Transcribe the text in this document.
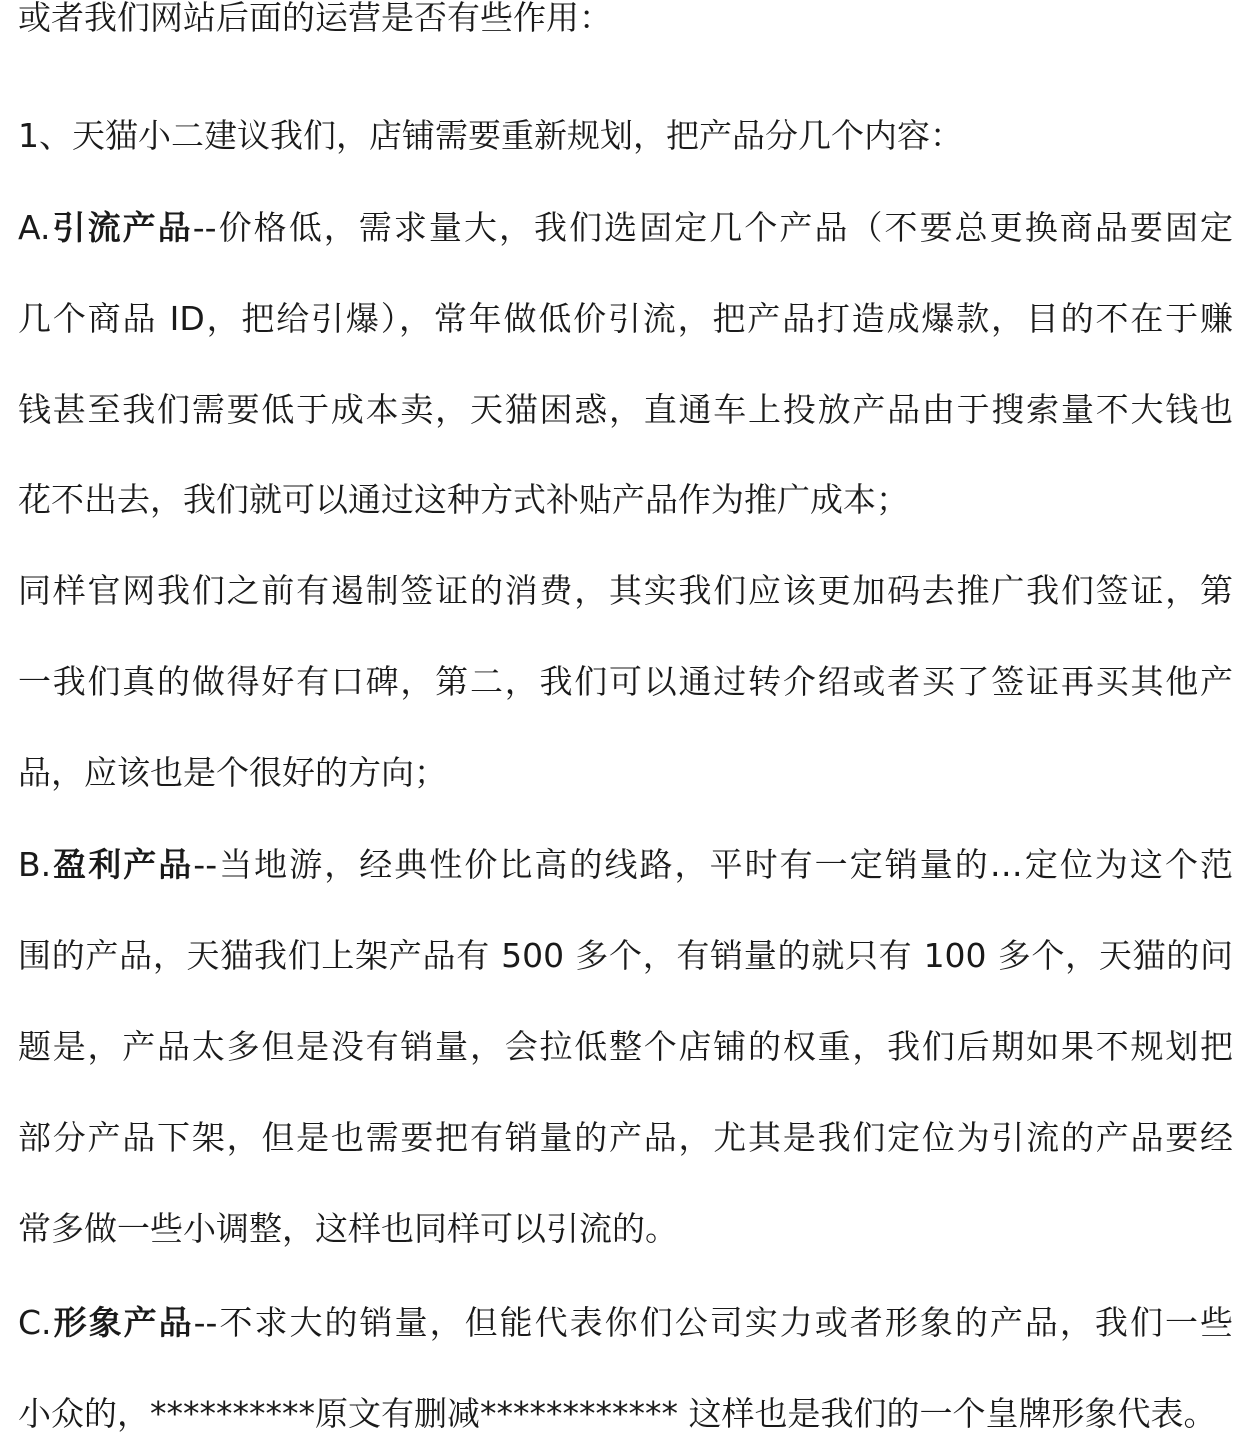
或者我们网站后面的运营是否有些作用：
1、天猫小二建议我们，店铺需要重新规划，把产品分几个内容：
A.引流产品--价格低，需求量大，我们选固定几个产品（不要总更换商品要固定
几个商品 ID，把给引爆），常年做低价引流，把产品打造成爆款，目的不在于赚
钱甚至我们需要低于成本卖，天猫困惑，直通车上投放产品由于搜索量不大钱也
花不出去，我们就可以通过这种方式补贴产品作为推广成本；
同样官网我们之前有遏制签证的消费，其实我们应该更加码去推广我们签证，第
一我们真的做得好有口碑，第二，我们可以通过转介绍或者买了签证再买其他产
品，应该也是个很好的方向；
B.盈利产品--当地游，经典性价比高的线路，平时有一定销量的…定位为这个范
围的产品，天猫我们上架产品有 500 多个，有销量的就只有 100 多个，天猫的问
题是，产品太多但是没有销量，会拉低整个店铺的权重，我们后期如果不规划把
部分产品下架，但是也需要把有销量的产品，尤其是我们定位为引流的产品要经
常多做一些小调整，这样也同样可以引流的。
C.形象产品--不求大的销量，但能代表你们公司实力或者形象的产品，我们一些
小众的，**********原文有删减************ 这样也是我们的一个皇牌形象代表。
